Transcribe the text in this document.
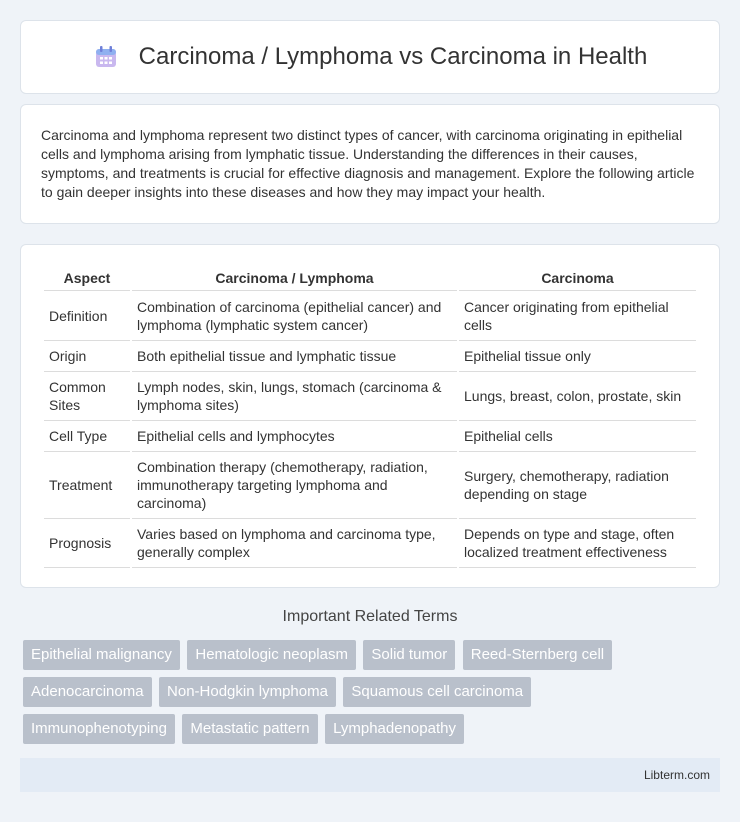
Carcinoma / Lymphoma vs Carcinoma in Health

Carcinoma and lymphoma represent two distinct types of cancer, with carcinoma originating in epithelial cells and lymphoma arising from lymphatic tissue. Understanding the differences in their causes, symptoms, and treatments is crucial for effective diagnosis and management. Explore the following article to gain deeper insights into these diseases and how they may impact your health.

Aspect	Carcinoma / Lymphoma	Carcinoma
Definition	Combination of carcinoma (epithelial cancer) and lymphoma (lymphatic system cancer)	Cancer originating from epithelial cells
Origin	Both epithelial tissue and lymphatic tissue	Epithelial tissue only
Common Sites	Lymph nodes, skin, lungs, stomach (carcinoma & lymphoma sites)	Lungs, breast, colon, prostate, skin
Cell Type	Epithelial cells and lymphocytes	Epithelial cells
Treatment	Combination therapy (chemotherapy, radiation, immunotherapy targeting lymphoma and carcinoma)	Surgery, chemotherapy, radiation depending on stage
Prognosis	Varies based on lymphoma and carcinoma type, generally complex	Depends on type and stage, often localized treatment effectiveness
Important Related Terms
Epithelial malignancy Hematologic neoplasm Solid tumor Reed-Sternberg cell
Adenocarcinoma Non-Hodgkin lymphoma Squamous cell carcinoma
Immunophenotyping Metastatic pattern Lymphadenopathy
Libterm.com
